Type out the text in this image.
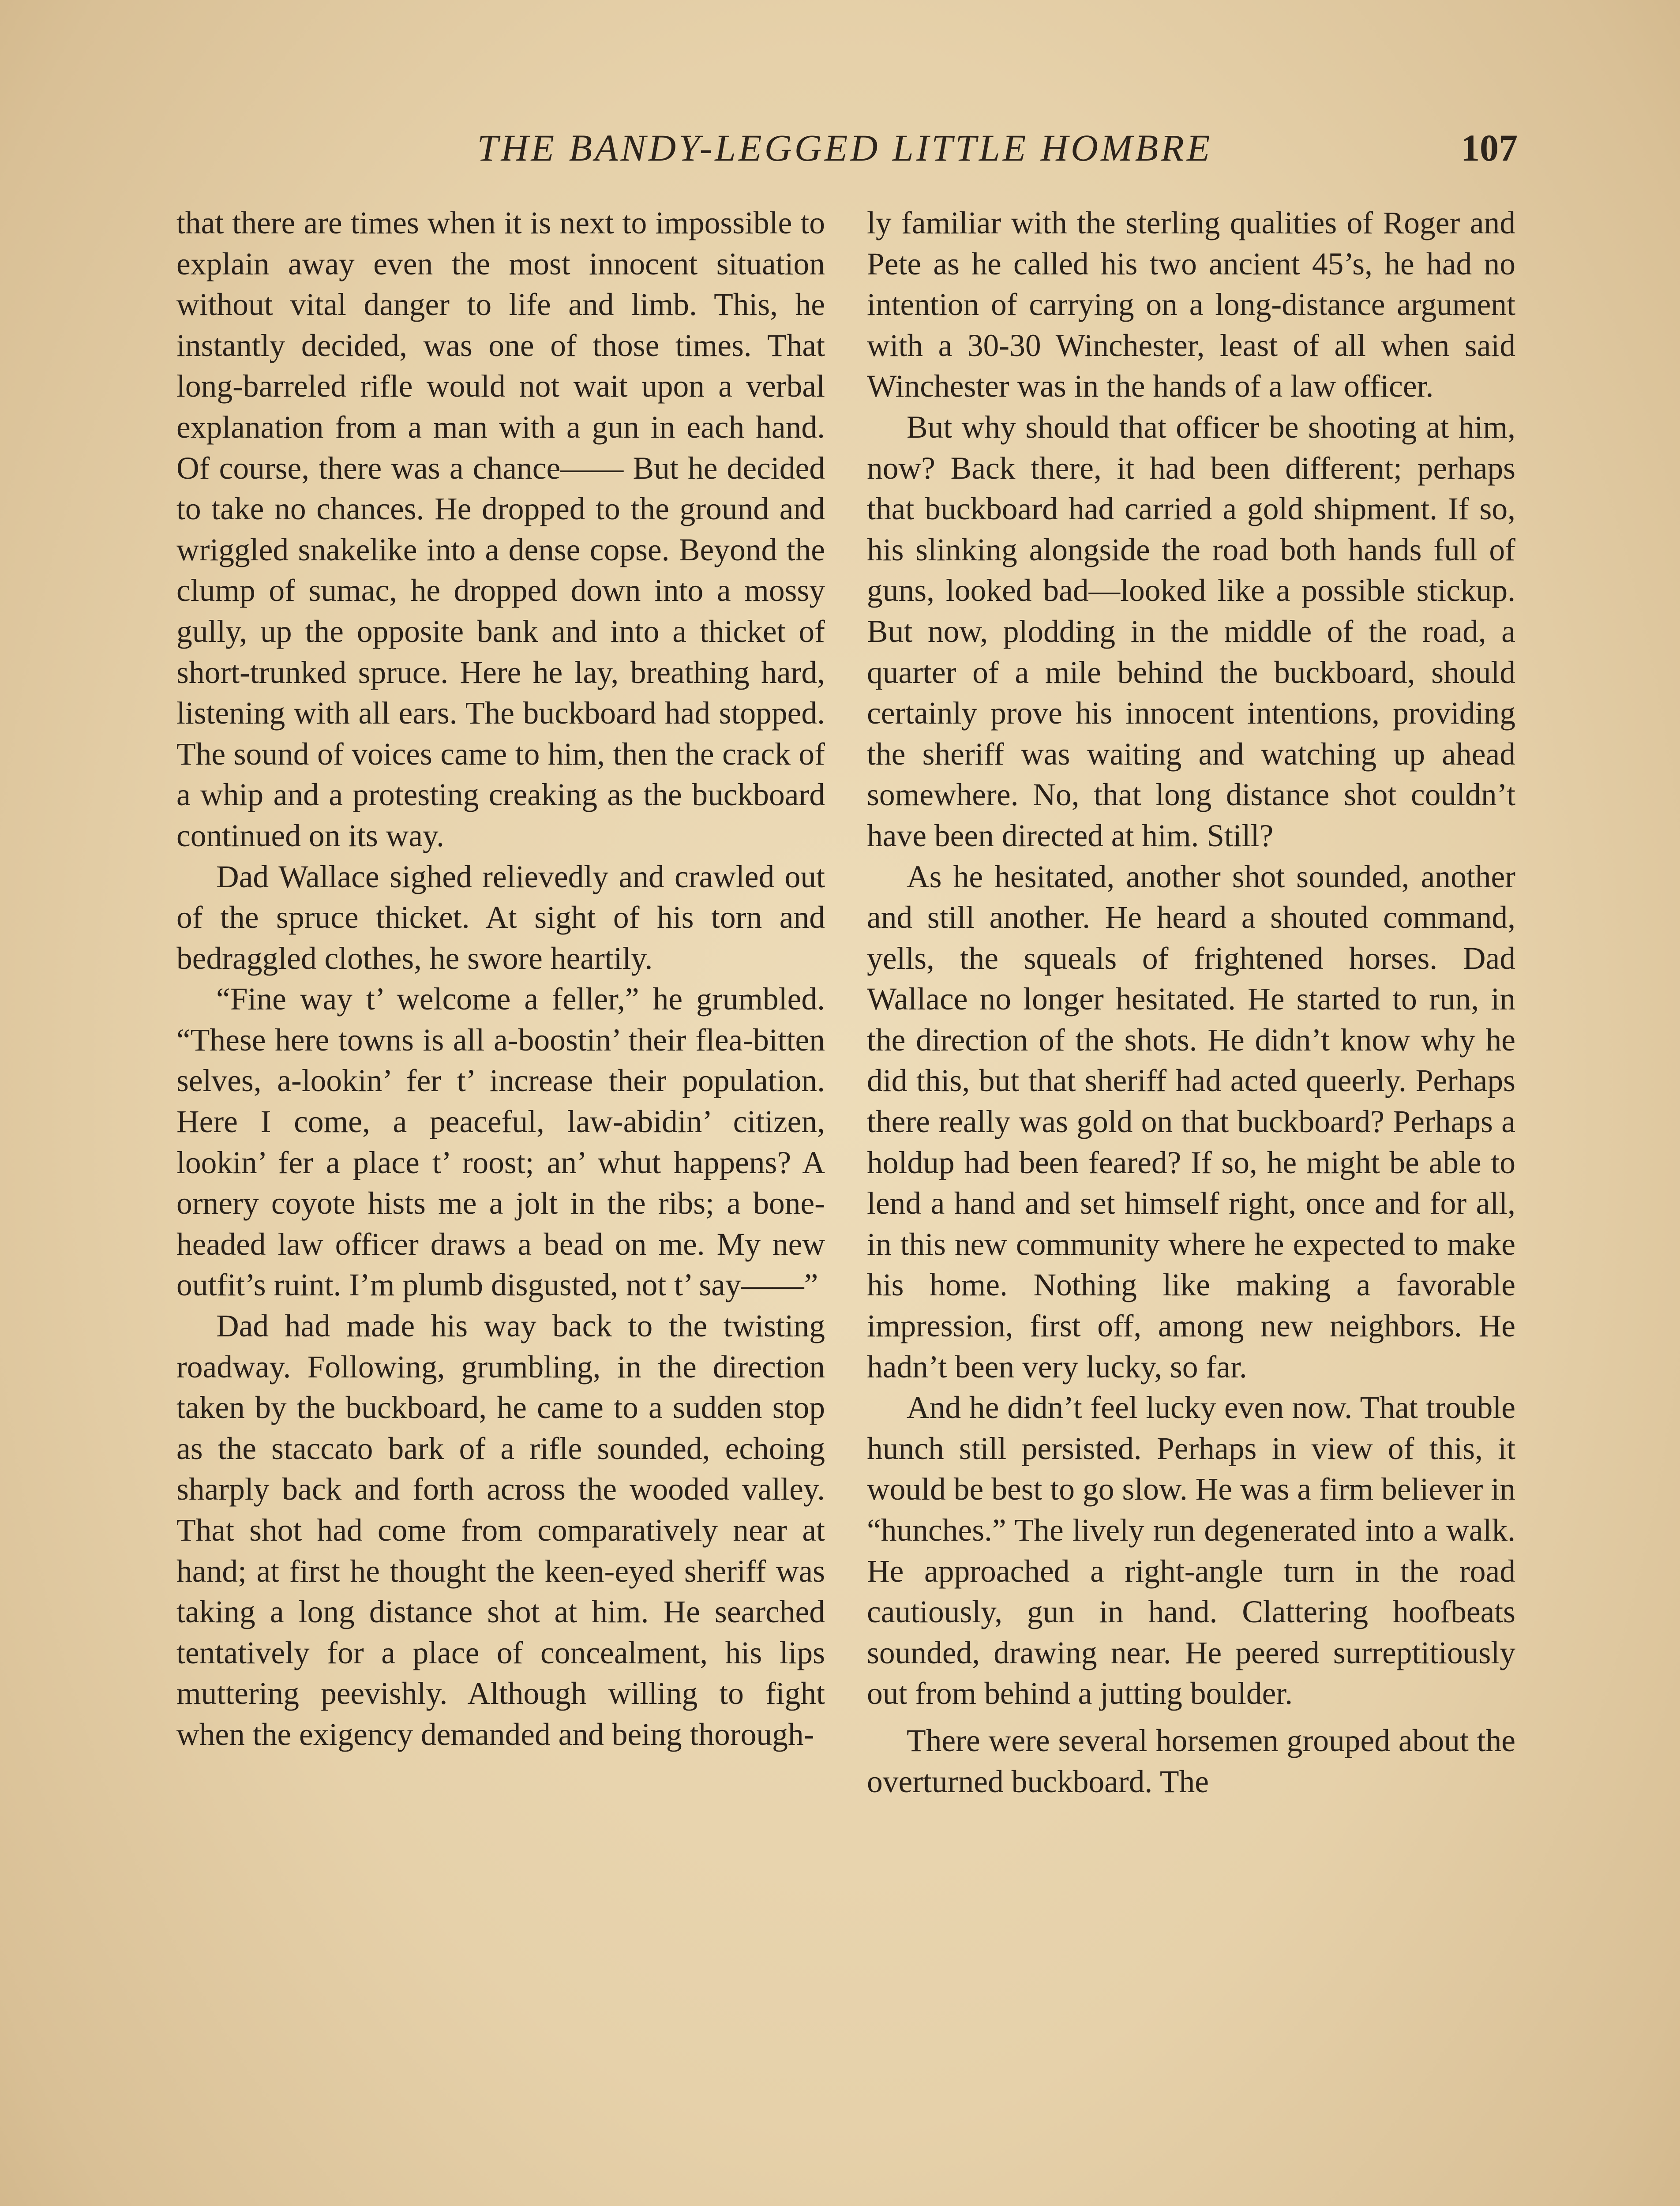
THE BANDY-LEGGED LITTLE HOMBRE	107

that there are times when it is next to impossible to explain away even the most innocent situation without vital danger to life and limb. This, he instantly decided, was one of those times. That long-barreled rifle would not wait upon a verbal explanation from a man with a gun in each hand. Of course, there was a chance—— But he decided to take no chances. He dropped to the ground and wriggled snakelike into a dense copse. Beyond the clump of sumac, he dropped down into a mossy gully, up the opposite bank and into a thicket of short-trunked spruce. Here he lay, breathing hard, listening with all ears. The buckboard had stopped. The sound of voices came to him, then the crack of a whip and a protesting creaking as the buckboard continued on its way.

Dad Wallace sighed relievedly and crawled out of the spruce thicket. At sight of his torn and bedraggled clothes, he swore heartily.

“Fine way t’ welcome a feller,” he grumbled. “These here towns is all a-boostin’ their flea-bitten selves, a-lookin’ fer t’ increase their population. Here I come, a peaceful, law-abidin’ citizen, lookin’ fer a place t’ roost; an’ whut happens? A ornery coyote hists me a jolt in the ribs; a bone-headed law officer draws a bead on me. My new outfit’s ruint. I’m plumb disgusted, not t’ say——”

Dad had made his way back to the twisting roadway. Following, grumbling, in the direction taken by the buckboard, he came to a sudden stop as the staccato bark of a rifle sounded, echoing sharply back and forth across the wooded valley. That shot had come from comparatively near at hand; at first he thought the keen-eyed sheriff was taking a long distance shot at him. He searched tentatively for a place of concealment, his lips muttering peevishly. Although willing to fight when the exigency demanded and being thorough-

ly familiar with the sterling qualities of Roger and Pete as he called his two ancient 45’s, he had no intention of carrying on a long-distance argument with a 30-30 Winchester, least of all when said Winchester was in the hands of a law officer.

But why should that officer be shooting at him, now? Back there, it had been different; perhaps that buckboard had carried a gold shipment. If so, his slinking alongside the road both hands full of guns, looked bad—looked like a possible stickup. But now, plodding in the middle of the road, a quarter of a mile behind the buckboard, should certainly prove his innocent intentions, providing the sheriff was waiting and watching up ahead somewhere. No, that long distance shot couldn’t have been directed at him. Still?

As he hesitated, another shot sounded, another and still another. He heard a shouted command, yells, the squeals of frightened horses. Dad Wallace no longer hesitated. He started to run, in the direction of the shots. He didn’t know why he did this, but that sheriff had acted queerly. Perhaps there really was gold on that buckboard? Perhaps a holdup had been feared? If so, he might be able to lend a hand and set himself right, once and for all, in this new community where he expected to make his home. Nothing like making a favorable impression, first off, among new neighbors. He hadn’t been very lucky, so far.

And he didn’t feel lucky even now. That trouble hunch still persisted. Perhaps in view of this, it would be best to go slow. He was a firm believer in “hunches.” The lively run degenerated into a walk. He approached a right-angle turn in the road cautiously, gun in hand. Clattering hoofbeats sounded, drawing near. He peered surreptitiously out from behind a jutting boulder.

There were several horsemen grouped about the overturned buckboard. The
